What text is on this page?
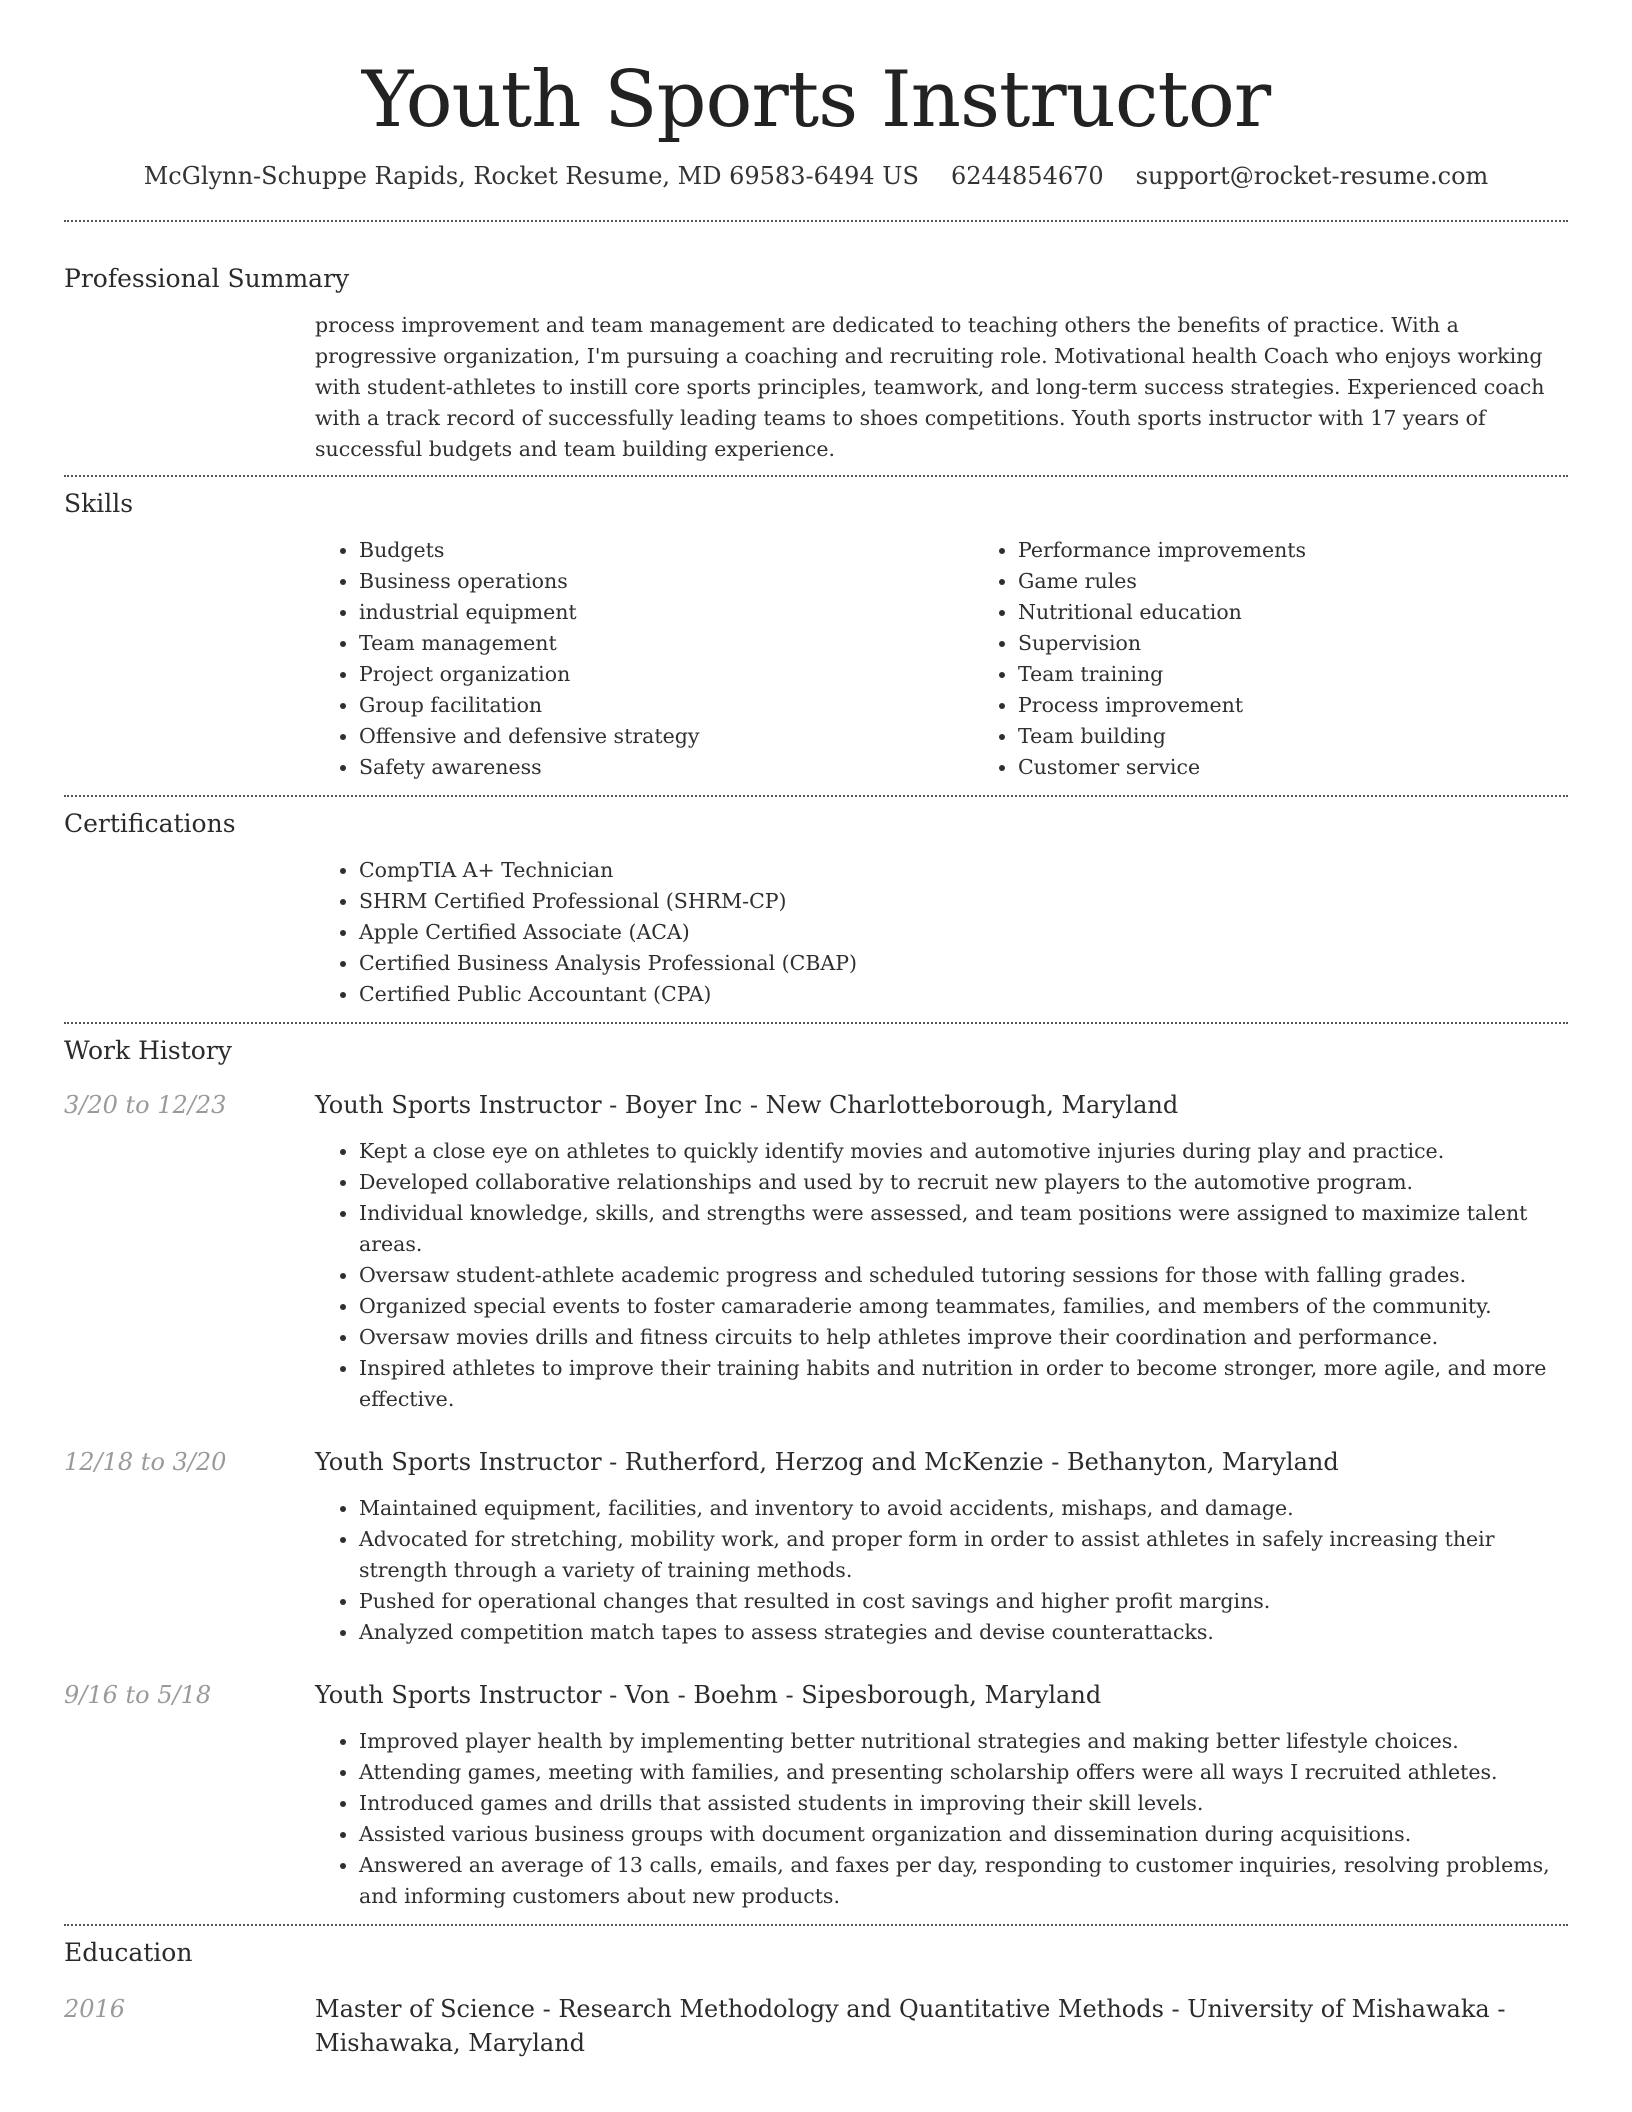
Youth Sports Instructor
McGlynn-Schuppe Rapids, Rocket Resume, MD 69583-6494 US 6244854670 support@rocket-resume.com
Professional Summary
process improvement and team management are dedicated to teaching others the benefits of practice. With a progressive organization, I'm pursuing a coaching and recruiting role. Motivational health Coach who enjoys working with student-athletes to instill core sports principles, teamwork, and long-term success strategies. Experienced coach with a track record of successfully leading teams to shoes competitions. Youth sports instructor with 17 years of successful budgets and team building experience.
Skills
• Budgets
• Business operations
• industrial equipment
• Team management
• Project organization
• Group facilitation
• Offensive and defensive strategy
• Safety awareness
• Performance improvements
• Game rules
• Nutritional education
• Supervision
• Team training
• Process improvement
• Team building
• Customer service
Certifications
• CompTIA A+ Technician
• SHRM Certified Professional (SHRM-CP)
• Apple Certified Associate (ACA)
• Certified Business Analysis Professional (CBAP)
• Certified Public Accountant (CPA)
Work History
3/20 to 12/23	Youth Sports Instructor - Boyer Inc - New Charlotteborough, Maryland
• Kept a close eye on athletes to quickly identify movies and automotive injuries during play and practice.
• Developed collaborative relationships and used by to recruit new players to the automotive program.
• Individual knowledge, skills, and strengths were assessed, and team positions were assigned to maximize talent areas.
• Oversaw student-athlete academic progress and scheduled tutoring sessions for those with falling grades.
• Organized special events to foster camaraderie among teammates, families, and members of the community.
• Oversaw movies drills and fitness circuits to help athletes improve their coordination and performance.
• Inspired athletes to improve their training habits and nutrition in order to become stronger, more agile, and more effective.
12/18 to 3/20	Youth Sports Instructor - Rutherford, Herzog and McKenzie - Bethanyton, Maryland
• Maintained equipment, facilities, and inventory to avoid accidents, mishaps, and damage.
• Advocated for stretching, mobility work, and proper form in order to assist athletes in safely increasing their strength through a variety of training methods.
• Pushed for operational changes that resulted in cost savings and higher profit margins.
• Analyzed competition match tapes to assess strategies and devise counterattacks.
9/16 to 5/18	Youth Sports Instructor - Von - Boehm - Sipesborough, Maryland
• Improved player health by implementing better nutritional strategies and making better lifestyle choices.
• Attending games, meeting with families, and presenting scholarship offers were all ways I recruited athletes.
• Introduced games and drills that assisted students in improving their skill levels.
• Assisted various business groups with document organization and dissemination during acquisitions.
• Answered an average of 13 calls, emails, and faxes per day, responding to customer inquiries, resolving problems, and informing customers about new products.
Education
2016	Master of Science - Research Methodology and Quantitative Methods - University of Mishawaka - Mishawaka, Maryland
